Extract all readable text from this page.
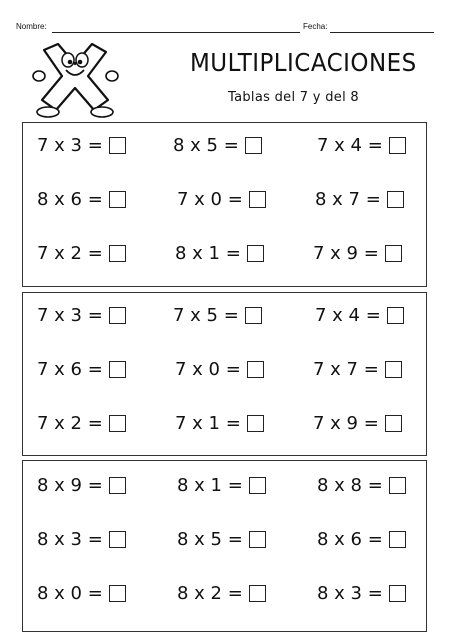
Nombre:	Fecha:
MULTIPLICACIONES
Tablas del 7 y del 8
7 x 3 =	8 x 5 =	7 x 4 =
8 x 6 =	7 x 0 =	8 x 7 =
7 x 2 =	8 x 1 =	7 x 9 =
7 x 3 =	7 x 5 =	7 x 4 =
7 x 6 =	7 x 0 =	7 x 7 =
7 x 2 =	7 x 1 =	7 x 9 =
8 x 9 =	8 x 1 =	8 x 8 =
8 x 3 =	8 x 5 =	8 x 6 =
8 x 0 =	8 x 2 =	8 x 3 =
